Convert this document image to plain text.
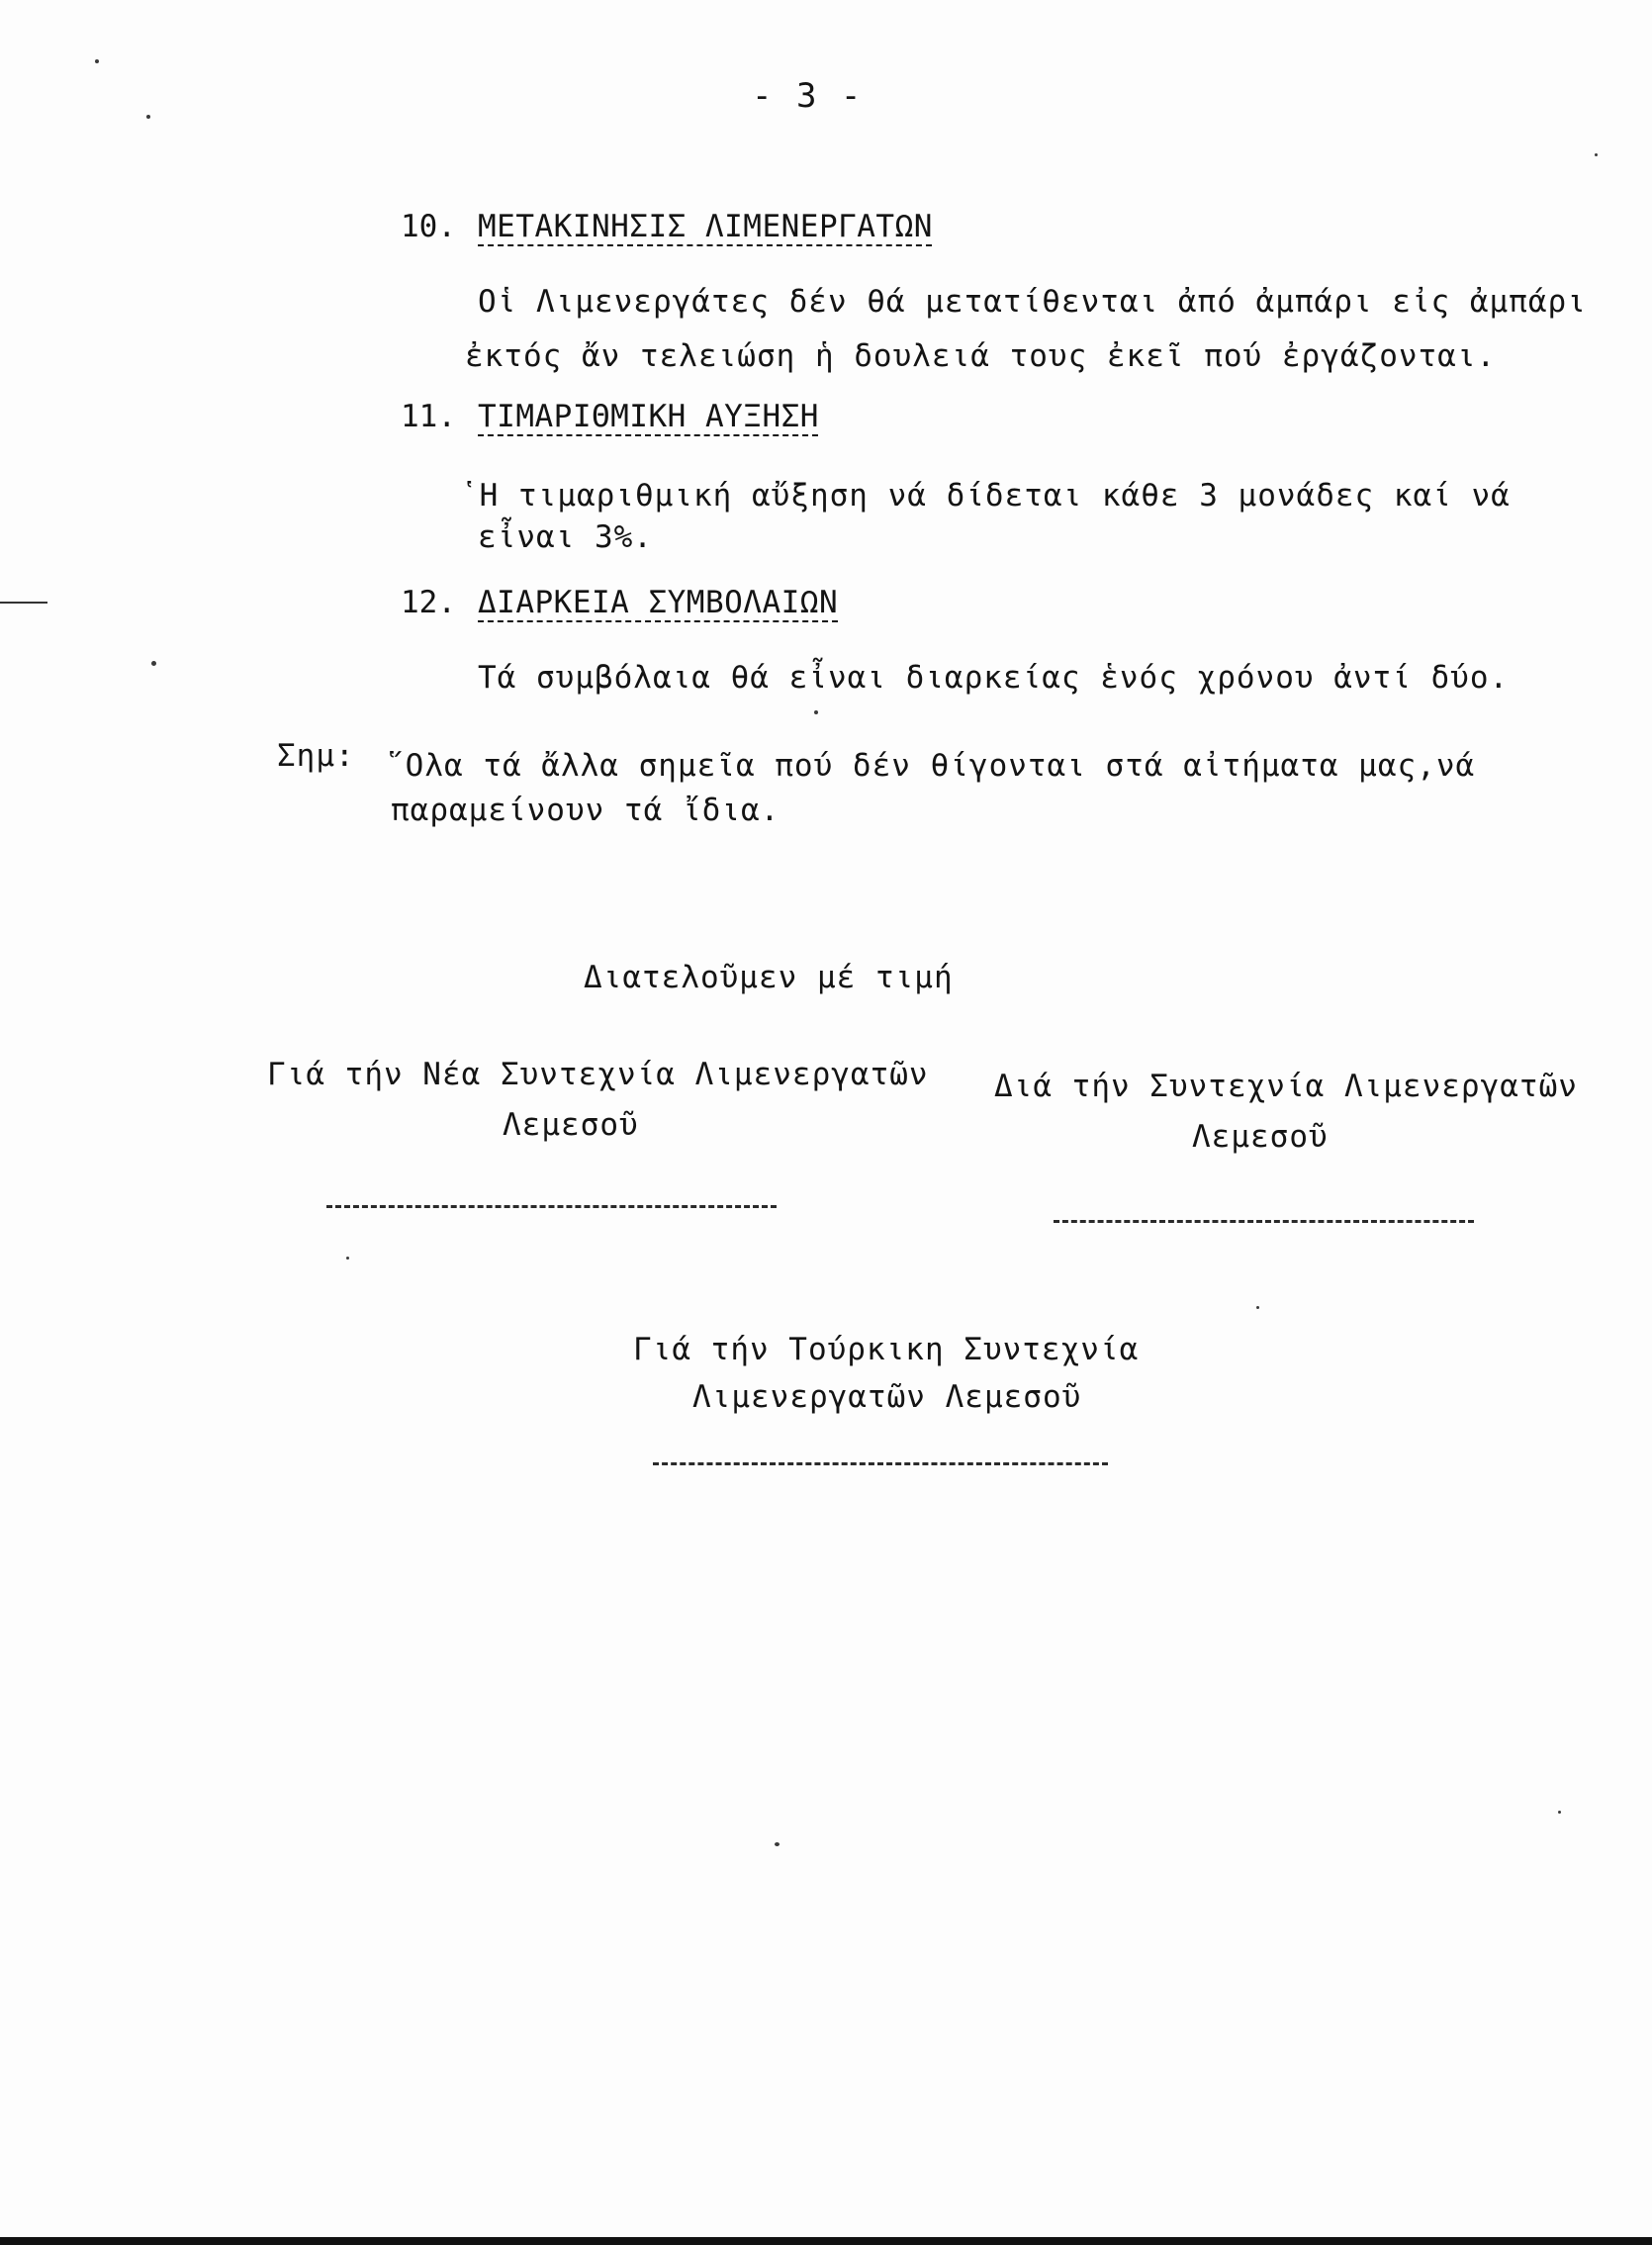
- 3 -
10. ΜΕΤΑΚΙΝΗΣΙΣ ΛΙΜΕΝΕΡΓΑΤΩΝ
Οἱ Λιμενεργάτες δέν θά μετατίθενται ἀπό ἀμπάρι εἰς ἀμπάρι
ἐκτός ἄν τελειώση ἡ δουλειά τους ἐκεῖ πού ἐργάζονται.
11. ΤΙΜΑΡΙΘΜΙΚΗ ΑΥΞΗΣΗ
῾Η τιμαριθμική αὔξηση νά δίδεται κάθε 3 μονάδες καί νά
εἶναι 3%.
12. ΔΙΑΡΚΕΙΑ ΣΥΜΒΟΛΑΙΩΝ
Τά συμβόλαια θά εἶναι διαρκείας ἑνός χρόνου ἀντί δύο.
Σημ: ῞Ολα τά ἄλλα σημεῖα πού δέν θίγονται στά αἰτήματα μας,νά
παραμείνουν τά ἴδια.
Διατελοῦμεν μέ τιμή
Γιά τήν Νέα Συντεχνία Λιμενεργατῶν
Λεμεσοῦ
Διά τήν Συντεχνία Λιμενεργατῶν
Λεμεσοῦ
Γιά τήν Τούρκικη Συντεχνία
Λιμενεργατῶν Λεμεσοῦ
